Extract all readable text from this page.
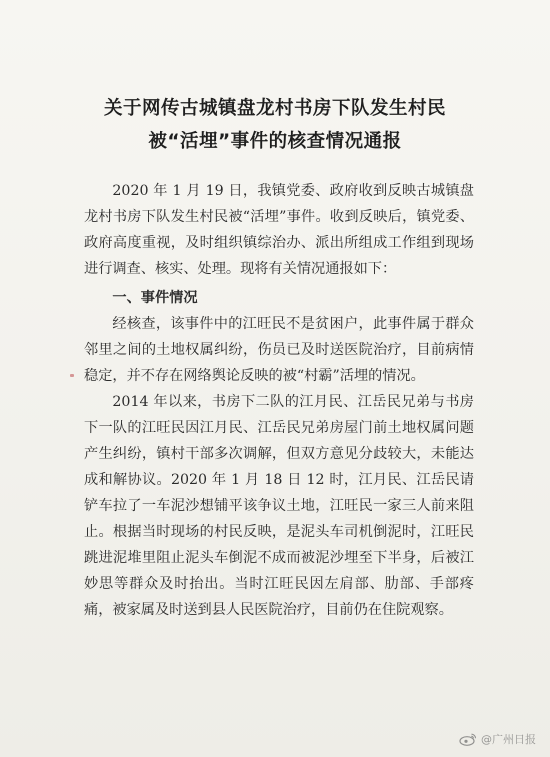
关于网传古城镇盘龙村书房下队发生村民
被“活埋”事件的核查情况通报

2020 年 1 月 19 日，我镇党委、政府收到反映古城镇盘龙村书房下队发生村民被“活埋”事件。收到反映后，镇党委、政府高度重视，及时组织镇综治办、派出所组成工作组到现场进行调查、核实、处理。现将有关情况通报如下：

一、事件情况

经核查，该事件中的江旺民不是贫困户，此事件属于群众邻里之间的土地权属纠纷，伤员已及时送医院治疗，目前病情稳定，并不存在网络舆论反映的被“村霸”活埋的情况。

2014 年以来，书房下二队的江月民、江岳民兄弟与书房下一队的江旺民因江月民、江岳民兄弟房屋门前土地权属问题产生纠纷，镇村干部多次调解，但双方意见分歧较大，未能达成和解协议。2020 年 1 月 18 日 12 时，江月民、江岳民请铲车拉了一车泥沙想铺平该争议土地，江旺民一家三人前来阻止。根据当时现场的村民反映，是泥头车司机倒泥时，江旺民跳进泥堆里阻止泥头车倒泥不成而被泥沙埋至下半身，后被江妙思等群众及时抬出。当时江旺民因左肩部、肋部、手部疼痛，被家属及时送到县人民医院治疗，目前仍在住院观察。

@广州日报
